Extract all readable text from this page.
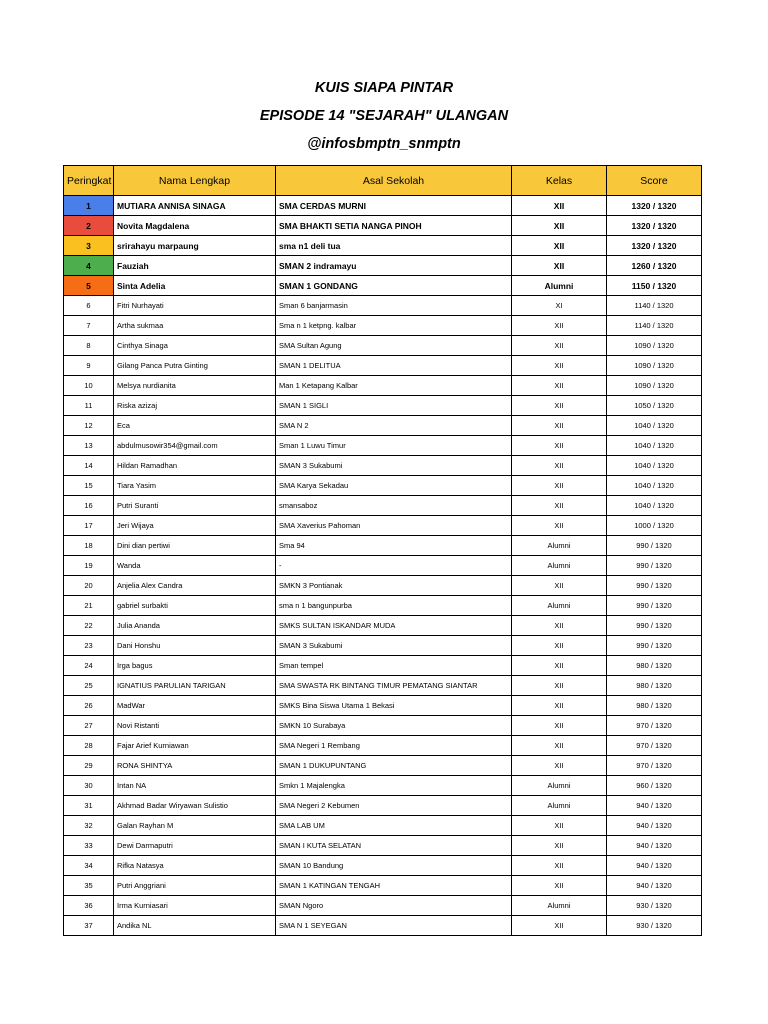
KUIS SIAPA PINTAR
EPISODE 14 "SEJARAH" ULANGAN
@infosbmptn_snmptn
Peringkat	Nama Lengkap	Asal Sekolah	Kelas	Score
1	MUTIARA ANNISA SINAGA	SMA CERDAS MURNI	XII	1320 / 1320
2	Novita Magdalena	SMA BHAKTI SETIA NANGA PINOH	XII	1320 / 1320
3	srirahayu marpaung	sma n1 deli tua	XII	1320 / 1320
4	Fauziah	SMAN 2 indramayu	XII	1260 / 1320
5	Sinta Adelia	SMAN 1 GONDANG	Alumni	1150 / 1320
6	Fitri Nurhayati	Sman 6 banjarmasin	XI	1140 / 1320
7	Artha sukmaa	Sma n 1 ketpng. kalbar	XII	1140 / 1320
8	Cinthya Sinaga	SMA Sultan Agung	XII	1090 / 1320
9	Gilang Panca Putra Ginting	SMAN 1 DELITUA	XII	1090 / 1320
10	Melsya nurdianita	Man 1 Ketapang Kalbar	XII	1090 / 1320
11	Riska azizaj	SMAN 1 SIGLI	XII	1050 / 1320
12	Eca	SMA N 2	XII	1040 / 1320
13	abdulmusowir354@gmail.com	Sman 1 Luwu Timur	XII	1040 / 1320
14	Hildan Ramadhan	SMAN 3 Sukabumi	XII	1040 / 1320
15	Tiara Yasim	SMA Karya Sekadau	XII	1040 / 1320
16	Putri Suranti	smansaboz	XII	1040 / 1320
17	Jeri Wijaya	SMA Xaverius Pahoman	XII	1000 / 1320
18	Dini dian pertiwi	Sma 94	Alumni	990 / 1320
19	Wanda	-	Alumni	990 / 1320
20	Anjelia Alex Candra	SMKN 3 Pontianak	XII	990 / 1320
21	gabriel surbakti	sma n 1 bangunpurba	Alumni	990 / 1320
22	Julia Ananda	SMKS SULTAN ISKANDAR MUDA	XII	990 / 1320
23	Dani Honshu	SMAN 3 Sukabumi	XII	990 / 1320
24	Irga bagus	Sman tempel	XII	980 / 1320
25	IGNATIUS PARULIAN TARIGAN	SMA SWASTA RK BINTANG TIMUR PEMATANG SIANTAR	XII	980 / 1320
26	MadWar	SMKS Bina Siswa Utama 1 Bekasi	XII	980 / 1320
27	Novi Ristanti	SMKN 10 Surabaya	XII	970 / 1320
28	Fajar Arief Kurniawan	SMA Negeri 1 Rembang	XII	970 / 1320
29	RONA SHINTYA	SMAN 1 DUKUPUNTANG	XII	970 / 1320
30	Intan NA	Smkn 1 Majalengka	Alumni	960 / 1320
31	Akhmad Badar Wiryawan Sulistio	SMA Negeri 2 Kebumen	Alumni	940 / 1320
32	Galan Rayhan M	SMA LAB UM	XII	940 / 1320
33	Dewi Darmaputri	SMAN I KUTA SELATAN	XII	940 / 1320
34	Rifka Natasya	SMAN 10 Bandung	XII	940 / 1320
35	Putri Anggriani	SMAN 1 KATINGAN TENGAH	XII	940 / 1320
36	Irma Kurniasari	SMAN Ngoro	Alumni	930 / 1320
37	Andika NL	SMA N 1 SEYEGAN	XII	930 / 1320
